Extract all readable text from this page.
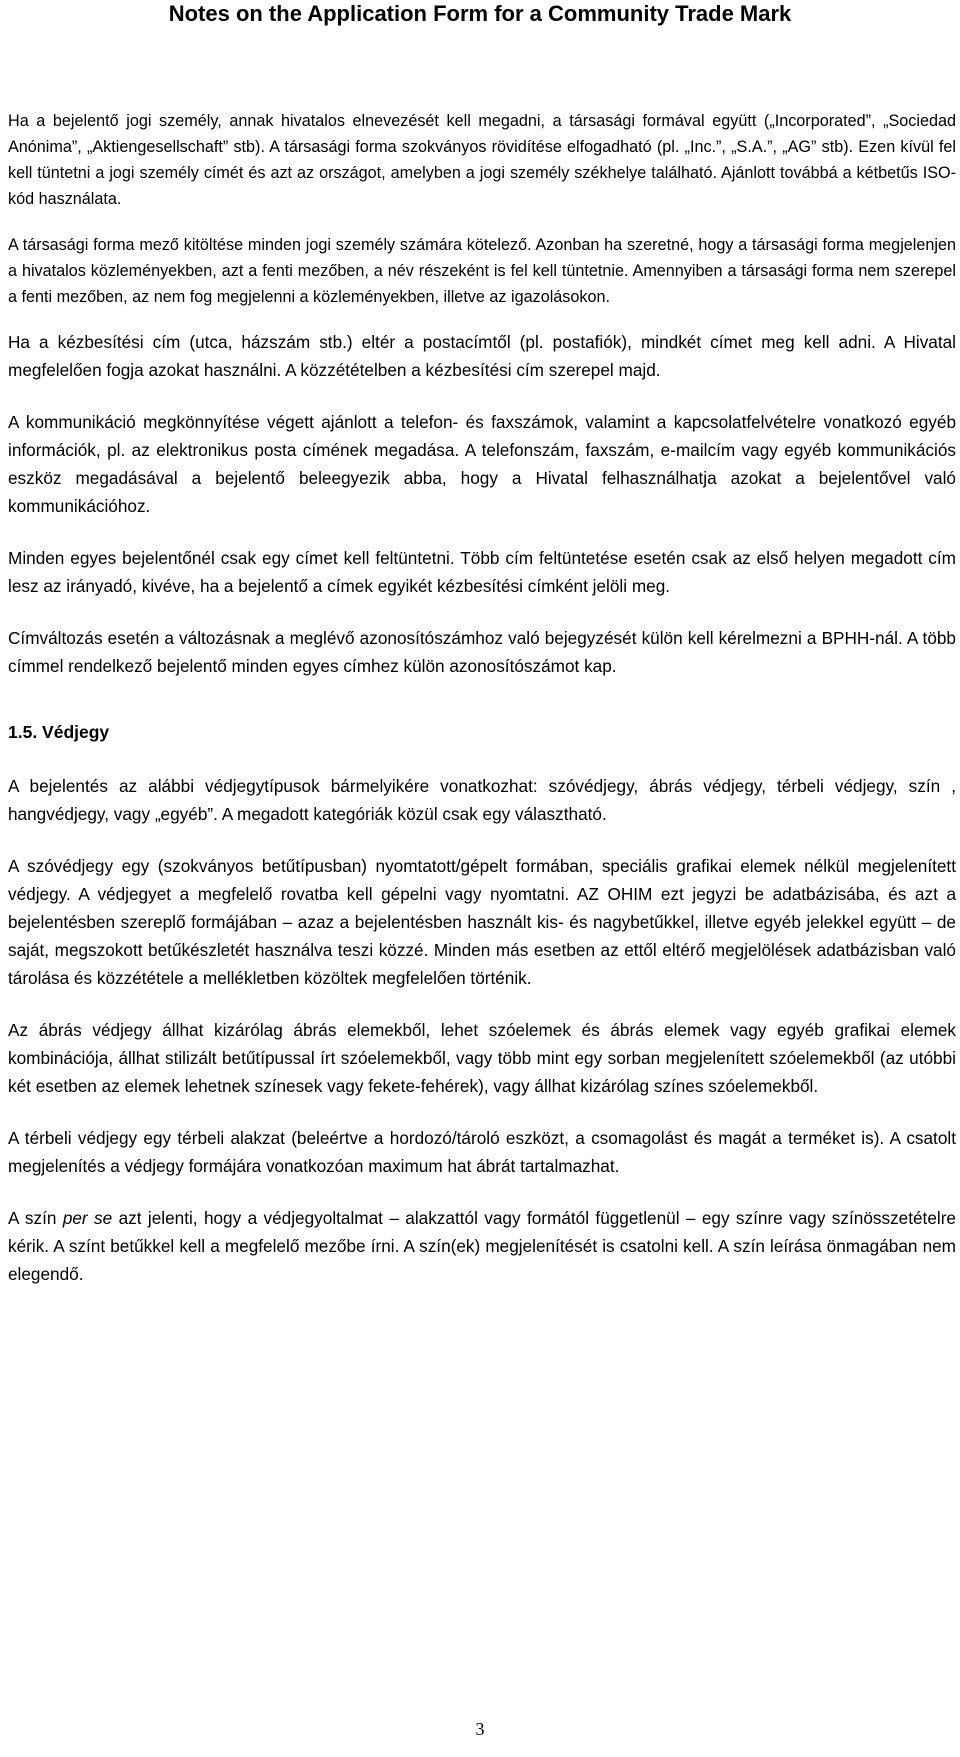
Notes on the Application Form for a Community Trade Mark

Ha a bejelentő jogi személy, annak hivatalos elnevezését kell megadni, a társasági formával együtt („Incorporated”, „Sociedad Anónima”, „Aktiengesellschaft” stb). A társasági forma szokványos rövidítése elfogadható (pl. „Inc.”, „S.A.”, „AG” stb). Ezen kívül fel kell tüntetni a jogi személy címét és azt az országot, amelyben a jogi személy székhelye található. Ajánlott továbbá a kétbetűs ISO-kód használata.

A társasági forma mező kitöltése minden jogi személy számára kötelező. Azonban ha szeretné, hogy a társasági forma megjelenjen a hivatalos közleményekben, azt a fenti mezőben, a név részeként is fel kell tüntetnie. Amennyiben a társasági forma nem szerepel a fenti mezőben, az nem fog megjelenni a közleményekben, illetve az igazolásokon.

Ha a kézbesítési cím (utca, házszám stb.) eltér a postacímtől (pl. postafiók), mindkét címet meg kell adni. A Hivatal megfelelően fogja azokat használni. A közzétételben a kézbesítési cím szerepel majd.

A kommunikáció megkönnyítése végett ajánlott a telefon- és faxszámok, valamint a kapcsolatfelvételre vonatkozó egyéb információk, pl. az elektronikus posta címének megadása. A telefonszám, faxszám, e-mailcím vagy egyéb kommunikációs eszköz megadásával a bejelentő beleegyezik abba, hogy a Hivatal felhasználhatja azokat a bejelentővel való kommunikációhoz.

Minden egyes bejelentőnél csak egy címet kell feltüntetni. Több cím feltüntetése esetén csak az első helyen megadott cím lesz az irányadó, kivéve, ha a bejelentő a címek egyikét kézbesítési címként jelöli meg.

Címváltozás esetén a változásnak a meglévő azonosítószámhoz való bejegyzését külön kell kérelmezni a BPHH-nál. A több címmel rendelkező bejelentő minden egyes címhez külön azonosítószámot kap.

1.5. Védjegy

A bejelentés az alábbi védjegytípusok bármelyikére vonatkozhat: szóvédjegy, ábrás védjegy, térbeli védjegy, szín , hangvédjegy, vagy „egyéb”. A megadott kategóriák közül csak egy választható.

A szóvédjegy egy (szokványos betűtípusban) nyomtatott/gépelt formában, speciális grafikai elemek nélkül megjelenített védjegy. A védjegyet a megfelelő rovatba kell gépelni vagy nyomtatni. AZ OHIM ezt jegyzi be adatbázisába, és azt a bejelentésben szereplő formájában – azaz a bejelentésben használt kis- és nagybetűkkel, illetve egyéb jelekkel együtt – de saját, megszokott betűkészletét használva teszi közzé. Minden más esetben az ettől eltérő megjelölések adatbázisban való tárolása és közzététele a mellékletben közöltek megfelelően történik.

Az ábrás védjegy állhat kizárólag ábrás elemekből, lehet szóelemek és ábrás elemek vagy egyéb grafikai elemek kombinációja, állhat stilizált betűtípussal írt szóelemekből, vagy több mint egy sorban megjelenített szóelemekből (az utóbbi két esetben az elemek lehetnek színesek vagy fekete-fehérek), vagy állhat kizárólag színes szóelemekből.

A térbeli védjegy egy térbeli alakzat (beleértve a hordozó/tároló eszközt, a csomagolást és magát a terméket is). A csatolt megjelenítés a védjegy formájára vonatkozóan maximum hat ábrát tartalmazhat.

A szín per se azt jelenti, hogy a védjegyoltalmat – alakzattól vagy formától függetlenül – egy színre vagy színösszetételre kérik. A színt betűkkel kell a megfelelő mezőbe írni. A szín(ek) megjelenítését is csatolni kell. A szín leírása önmagában nem elegendő.

3
